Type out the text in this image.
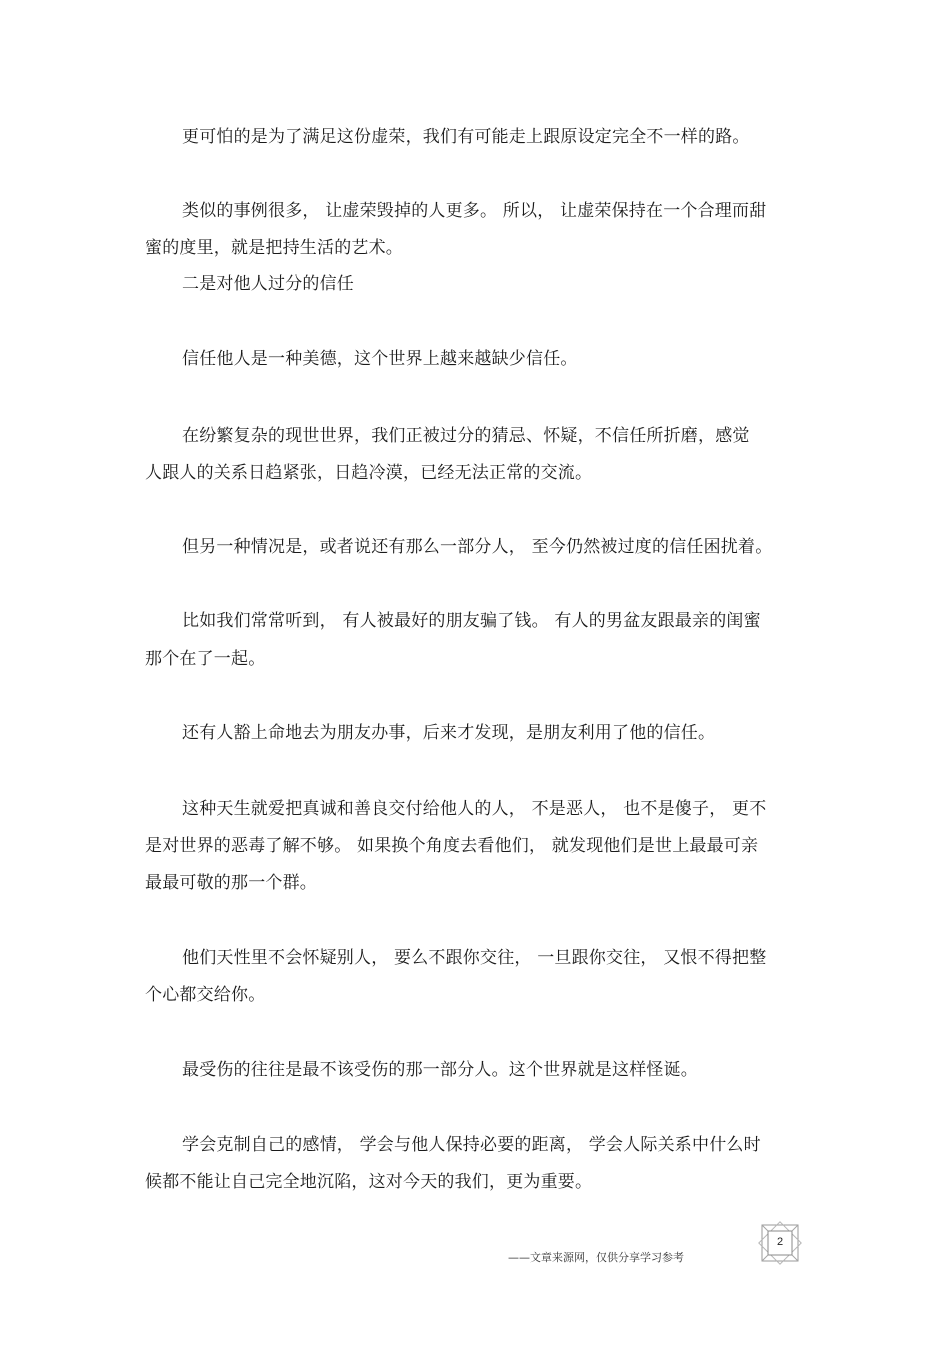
更可怕的是为了满足这份虚荣，我们有可能走上跟原设定完全不一样的路。
类似的事例很多， 让虚荣毁掉的人更多。 所以， 让虚荣保持在一个合理而甜
蜜的度里，就是把持生活的艺术。
二是对他人过分的信任
信任他人是一种美德，这个世界上越来越缺少信任。
在纷繁复杂的现世世界，我们正被过分的猜忌、怀疑，不信任所折磨，感觉
人跟人的关系日趋紧张，日趋冷漠，已经无法正常的交流。
但另一种情况是，或者说还有那么一部分人， 至今仍然被过度的信任困扰着。
比如我们常常听到， 有人被最好的朋友骗了钱。 有人的男盆友跟最亲的闺蜜
那个在了一起。
还有人豁上命地去为朋友办事，后来才发现，是朋友利用了他的信任。
这种天生就爱把真诚和善良交付给他人的人， 不是恶人， 也不是傻子， 更不
是对世界的恶毒了解不够。 如果换个角度去看他们， 就发现他们是世上最最可亲
最最可敬的那一个群。
他们天性里不会怀疑别人， 要么不跟你交往， 一旦跟你交往， 又恨不得把整
个心都交给你。
最受伤的往往是最不该受伤的那一部分人。这个世界就是这样怪诞。
学会克制自己的感情， 学会与他人保持必要的距离， 学会人际关系中什么时
候都不能让自己完全地沉陷，这对今天的我们，更为重要。
——文章来源网，仅供分享学习参考
2
